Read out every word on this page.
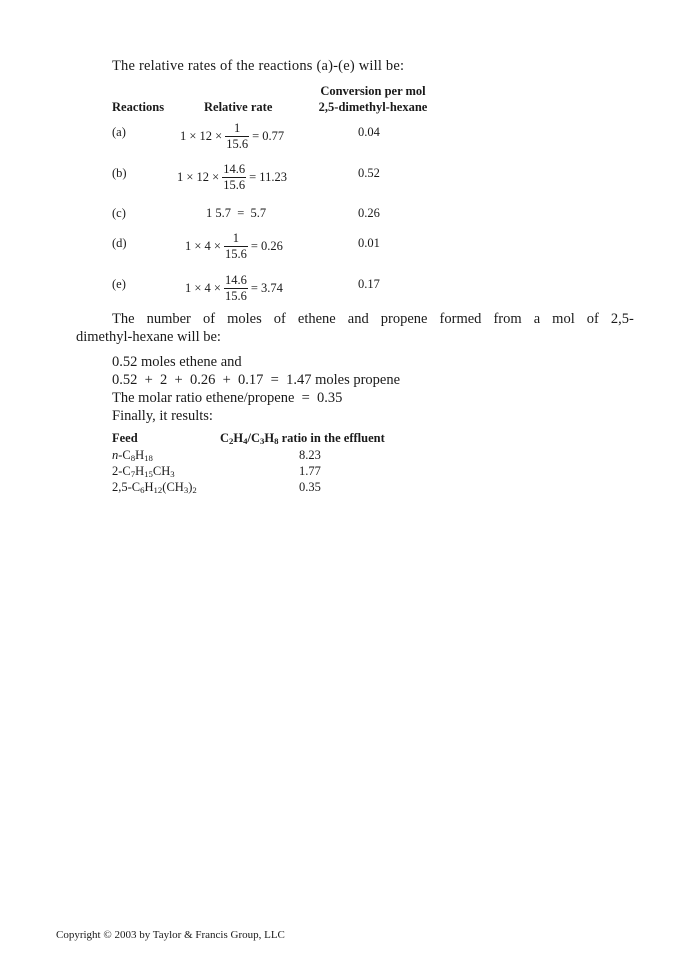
The relative rates of the reactions (a)-(e) will be:
Conversion per mol
Reactions	Relative rate	2,5-dimethyl-hexane
(a)	$1 \times 12 \times \frac{1}{15.6} = 0.77$	0.04
(b)	$1 \times 12 \times \frac{14.6}{15.6} = 11.23$	0.52
(c)	1 5.7  =  5.7	0.26
(d)	$1 \times 4 \times \frac{1}{15.6} = 0.26$	0.01
(e)	$1 \times 4 \times \frac{14.6}{15.6} = 3.74$	0.17
The number of moles of ethene and propene formed from a mol of 2,5-
dimethyl-hexane will be:
0.52 moles ethene and
0.52  +  2  +  0.26  +  0.17  =  1.47 moles propene
The molar ratio ethene/propene  =  0.35
Finally, it results:
Feed	$C_2H_4/C_3H_8$ ratio in the effluent
$n-C_8H_{18}$	8.23
$2-C_7H_{15}CH_3$	1.77
$2,5-C_6H_{12}(CH_3)_2$	0.35
Copyright © 2003 by Taylor & Francis Group, LLC
